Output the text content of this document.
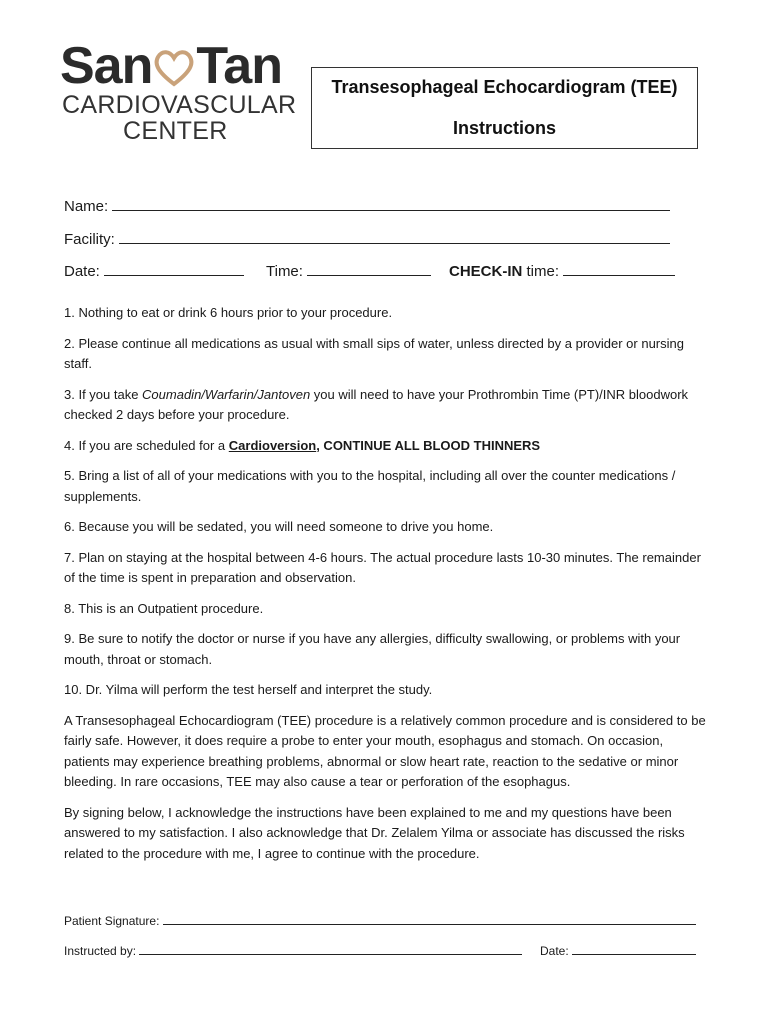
San Tan
CARDIOVASCULAR
CENTER
Transesophageal Echocardiogram (TEE)
Instructions
Name:
Facility:
Date:	Time:	CHECK-IN time:
1. Nothing to eat or drink 6 hours prior to your procedure.
2. Please continue all medications as usual with small sips of water, unless directed by a provider or nursing staff.
3. If you take Coumadin/Warfarin/Jantoven you will need to have your Prothrombin Time (PT)/INR bloodwork checked 2 days before your procedure.
4. If you are scheduled for a Cardioversion, CONTINUE ALL BLOOD THINNERS
5. Bring a list of all of your medications with you to the hospital, including all over the counter medications / supplements.
6. Because you will be sedated, you will need someone to drive you home.
7. Plan on staying at the hospital between 4-6 hours. The actual procedure lasts 10-30 minutes. The remainder of the time is spent in preparation and observation.
8. This is an Outpatient procedure.
9. Be sure to notify the doctor or nurse if you have any allergies, difficulty swallowing, or problems with your mouth, throat or stomach.
10. Dr. Yilma will perform the test herself and interpret the study.
A Transesophageal Echocardiogram (TEE) procedure is a relatively common procedure and is considered to be fairly safe. However, it does require a probe to enter your mouth, esophagus and stomach. On occasion, patients may experience breathing problems, abnormal or slow heart rate, reaction to the sedative or minor bleeding. In rare occasions, TEE may also cause a tear or perforation of the esophagus.
By signing below, I acknowledge the instructions have been explained to me and my questions have been answered to my satisfaction. I also acknowledge that Dr. Zelalem Yilma or associate has discussed the risks related to the procedure with me, I agree to continue with the procedure.
Patient Signature:
Instructed by:	Date:
